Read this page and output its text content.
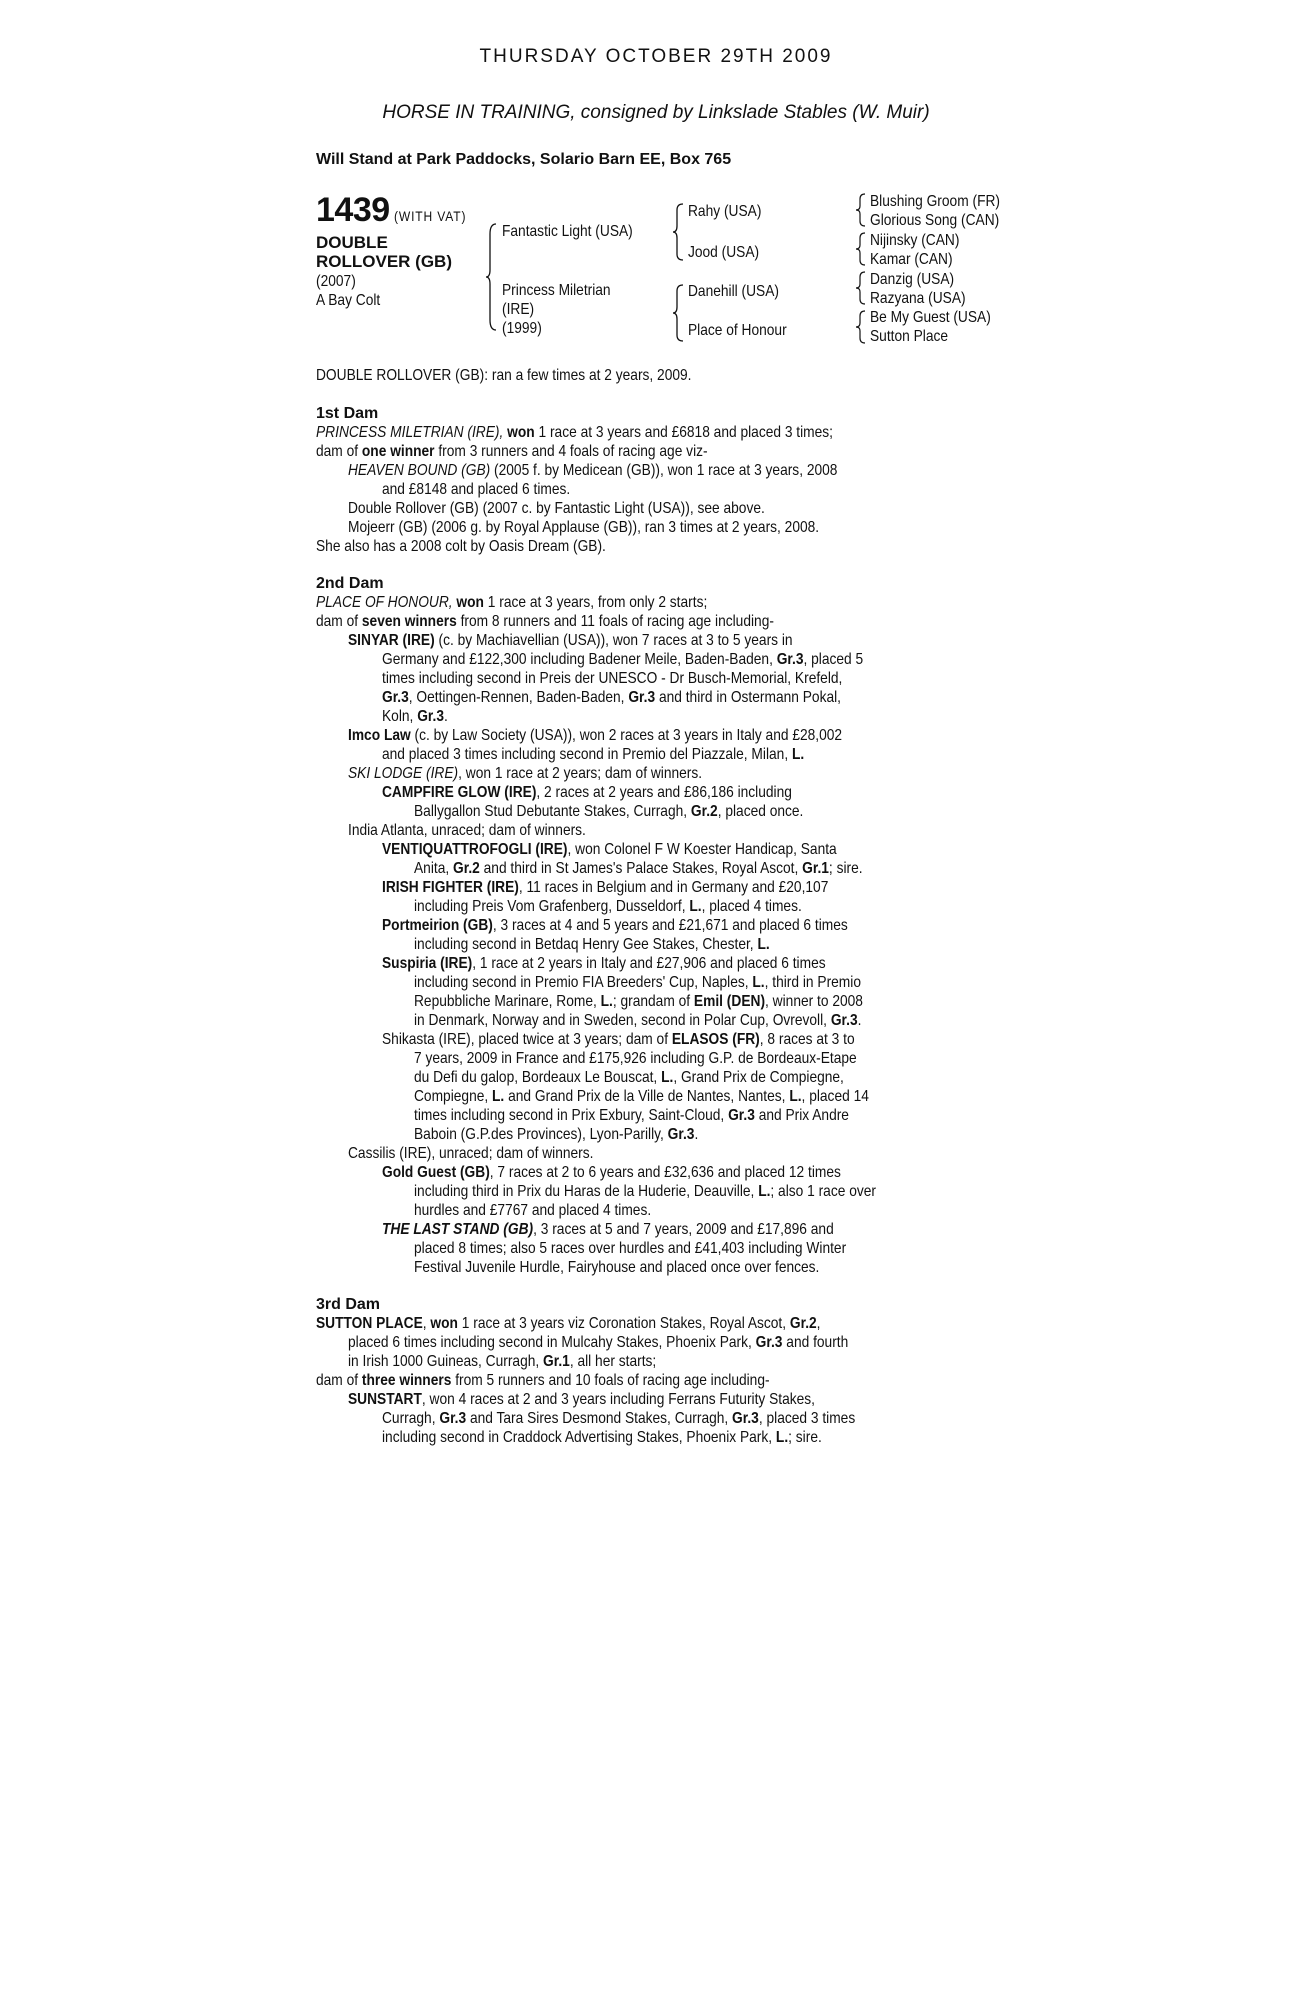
THURSDAY OCTOBER 29TH 2009
HORSE IN TRAINING, consigned by Linkslade Stables (W. Muir)
Will Stand at Park Paddocks, Solario Barn EE, Box 765
1439 (WITH VAT)
DOUBLE
ROLLOVER (GB)
(2007)
A Bay Colt
Fantastic Light (USA)
Princess Miletrian
(IRE)
(1999)
Rahy (USA)
Jood (USA)
Danehill (USA)
Place of Honour
Blushing Groom (FR)
Glorious Song (CAN)
Nijinsky (CAN)
Kamar (CAN)
Danzig (USA)
Razyana (USA)
Be My Guest (USA)
Sutton Place
DOUBLE ROLLOVER (GB): ran a few times at 2 years, 2009.
1st Dam
PRINCESS MILETRIAN (IRE), won 1 race at 3 years and £6818 and placed 3 times;
dam of one winner from 3 runners and 4 foals of racing age viz-
HEAVEN BOUND (GB) (2005 f. by Medicean (GB)), won 1 race at 3 years, 2008
and £8148 and placed 6 times.
Double Rollover (GB) (2007 c. by Fantastic Light (USA)), see above.
Mojeerr (GB) (2006 g. by Royal Applause (GB)), ran 3 times at 2 years, 2008.
She also has a 2008 colt by Oasis Dream (GB).
2nd Dam
PLACE OF HONOUR, won 1 race at 3 years, from only 2 starts;
dam of seven winners from 8 runners and 11 foals of racing age including-
SINYAR (IRE) (c. by Machiavellian (USA)), won 7 races at 3 to 5 years in
Germany and £122,300 including Badener Meile, Baden-Baden, Gr.3, placed 5
times including second in Preis der UNESCO - Dr Busch-Memorial, Krefeld,
Gr.3, Oettingen-Rennen, Baden-Baden, Gr.3 and third in Ostermann Pokal,
Koln, Gr.3.
Imco Law (c. by Law Society (USA)), won 2 races at 3 years in Italy and £28,002
and placed 3 times including second in Premio del Piazzale, Milan, L.
SKI LODGE (IRE), won 1 race at 2 years; dam of winners.
CAMPFIRE GLOW (IRE), 2 races at 2 years and £86,186 including
Ballygallon Stud Debutante Stakes, Curragh, Gr.2, placed once.
India Atlanta, unraced; dam of winners.
VENTIQUATTROFOGLI (IRE), won Colonel F W Koester Handicap, Santa
Anita, Gr.2 and third in St James's Palace Stakes, Royal Ascot, Gr.1; sire.
IRISH FIGHTER (IRE), 11 races in Belgium and in Germany and £20,107
including Preis Vom Grafenberg, Dusseldorf, L., placed 4 times.
Portmeirion (GB), 3 races at 4 and 5 years and £21,671 and placed 6 times
including second in Betdaq Henry Gee Stakes, Chester, L.
Suspiria (IRE), 1 race at 2 years in Italy and £27,906 and placed 6 times
including second in Premio FIA Breeders' Cup, Naples, L., third in Premio
Repubbliche Marinare, Rome, L.; grandam of Emil (DEN), winner to 2008
in Denmark, Norway and in Sweden, second in Polar Cup, Ovrevoll, Gr.3.
Shikasta (IRE), placed twice at 3 years; dam of ELASOS (FR), 8 races at 3 to
7 years, 2009 in France and £175,926 including G.P. de Bordeaux-Etape
du Defi du galop, Bordeaux Le Bouscat, L., Grand Prix de Compiegne,
Compiegne, L. and Grand Prix de la Ville de Nantes, Nantes, L., placed 14
times including second in Prix Exbury, Saint-Cloud, Gr.3 and Prix Andre
Baboin (G.P.des Provinces), Lyon-Parilly, Gr.3.
Cassilis (IRE), unraced; dam of winners.
Gold Guest (GB), 7 races at 2 to 6 years and £32,636 and placed 12 times
including third in Prix du Haras de la Huderie, Deauville, L.; also 1 race over
hurdles and £7767 and placed 4 times.
THE LAST STAND (GB), 3 races at 5 and 7 years, 2009 and £17,896 and
placed 8 times; also 5 races over hurdles and £41,403 including Winter
Festival Juvenile Hurdle, Fairyhouse and placed once over fences.
3rd Dam
SUTTON PLACE, won 1 race at 3 years viz Coronation Stakes, Royal Ascot, Gr.2,
placed 6 times including second in Mulcahy Stakes, Phoenix Park, Gr.3 and fourth
in Irish 1000 Guineas, Curragh, Gr.1, all her starts;
dam of three winners from 5 runners and 10 foals of racing age including-
SUNSTART, won 4 races at 2 and 3 years including Ferrans Futurity Stakes,
Curragh, Gr.3 and Tara Sires Desmond Stakes, Curragh, Gr.3, placed 3 times
including second in Craddock Advertising Stakes, Phoenix Park, L.; sire.
